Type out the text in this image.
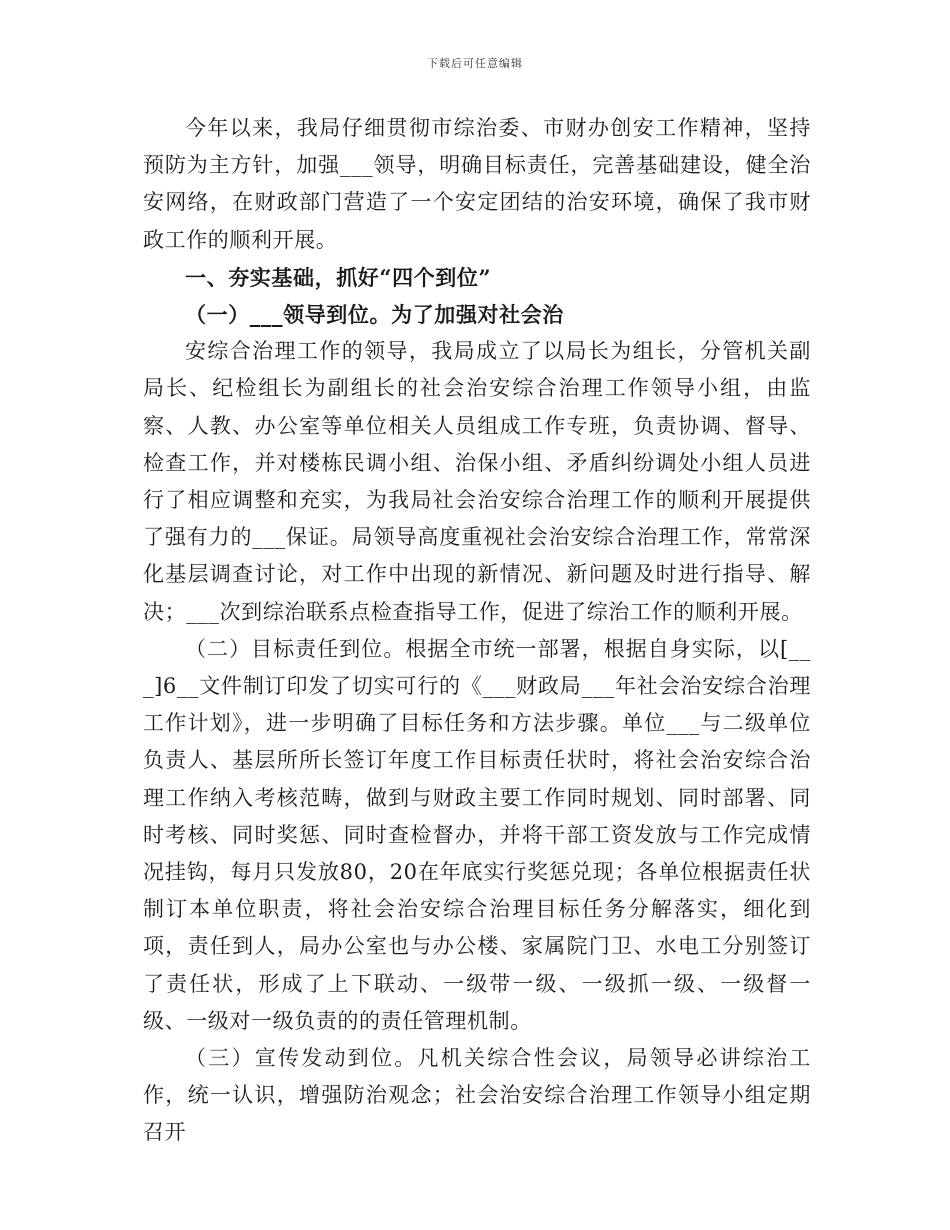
下载后可任意编辑

今年以来，我局仔细贯彻市综治委、市财办创安工作精神，坚持预防为主方针，加强___领导，明确目标责任，完善基础建设，健全治安网络，在财政部门营造了一个安定团结的治安环境，确保了我市财政工作的顺利开展。

一、夯实基础，抓好“四个到位”

（一）___领导到位。为了加强对社会治

安综合治理工作的领导，我局成立了以局长为组长，分管机关副局长、纪检组长为副组长的社会治安综合治理工作领导小组，由监察、人教、办公室等单位相关人员组成工作专班，负责协调、督导、检查工作，并对楼栋民调小组、治保小组、矛盾纠纷调处小组人员进行了相应调整和充实，为我局社会治安综合治理工作的顺利开展提供了强有力的___保证。局领导高度重视社会治安综合治理工作，常常深化基层调查讨论，对工作中出现的新情况、新问题及时进行指导、解决；___次到综治联系点检查指导工作，促进了综治工作的顺利开展。

（二）目标责任到位。根据全市统一部署，根据自身实际，以[___]6__文件制订印发了切实可行的《___财政局___年社会治安综合治理工作计划》，进一步明确了目标任务和方法步骤。单位___与二级单位负责人、基层所所长签订年度工作目标责任状时，将社会治安综合治理工作纳入考核范畴，做到与财政主要工作同时规划、同时部署、同时考核、同时奖惩、同时查检督办，并将干部工资发放与工作完成情况挂钩，每月只发放80，20在年底实行奖惩兑现；各单位根据责任状制订本单位职责，将社会治安综合治理目标任务分解落实，细化到项，责任到人，局办公室也与办公楼、家属院门卫、水电工分别签订了责任状，形成了上下联动、一级带一级、一级抓一级、一级督一级、一级对一级负责的的责任管理机制。

（三）宣传发动到位。凡机关综合性会议，局领导必讲综治工作，统一认识，增强防治观念；社会治安综合治理工作领导小组定期召开
